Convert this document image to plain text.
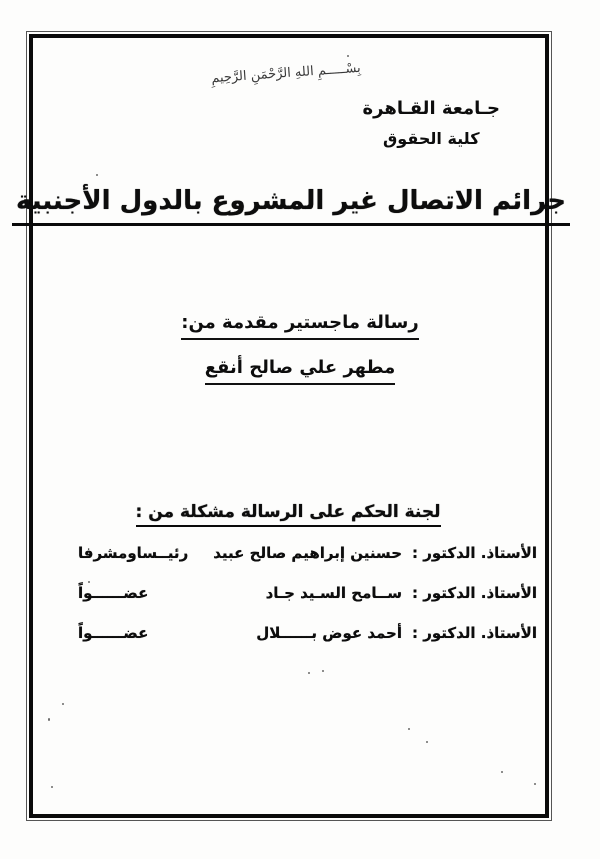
بِسْـــــمِ اللهِ الرَّحْمَنِ الرَّحِيمِ
جـامعة القـاهرة
كلية الحقوق
جرائم الاتصال غير المشروع بالدول الأجنبية
رسالة ماجستير مقدمة من:
مطهر علي صالح أنقع
لجنة الحكم على الرسالة مشكلة من :
الأستاذ. الدكتور :
حسنين إبراهيم صالح عبيد
رئيــساومشرفا
الأستاذ. الدكتور :
ســامح السـيد جـاد
عضــــــواً
الأستاذ. الدكتور :
أحمد عوض بــــــلال
عضــــــواً
